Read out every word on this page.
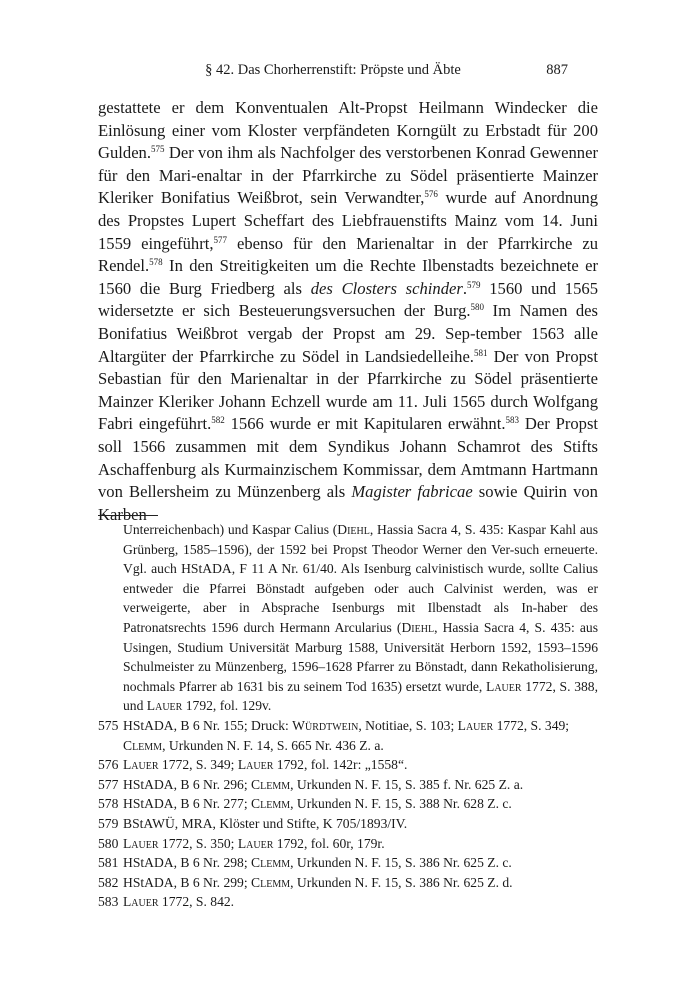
§ 42. Das Chorherrenstift: Pröpste und Äbte	887

gestattete er dem Konventualen Alt-Propst Heilmann Windecker die Einlösung einer vom Kloster verpfändeten Korngült zu Erbstadt für 200 Gulden.$^{575}$ Der von ihm als Nachfolger des verstorbenen Konrad Gewenner für den Mari-enaltar in der Pfarrkirche zu Södel präsentierte Mainzer Kleriker Bonifatius Weißbrot, sein Verwandter,$^{576}$ wurde auf Anordnung des Propstes Lupert Scheffart des Liebfrauenstifts Mainz vom 14. Juni 1559 eingeführt,$^{577}$ ebenso für den Marienaltar in der Pfarrkirche zu Rendel.$^{578}$ In den Streitigkeiten um die Rechte Ilbenstadts bezeichnete er 1560 die Burg Friedberg als des Closters schinder.$^{579}$ 1560 und 1565 widersetzte er sich Besteuerungsversuchen der Burg.$^{580}$ Im Namen des Bonifatius Weißbrot vergab der Propst am 29. Sep-tember 1563 alle Altargüter der Pfarrkirche zu Södel in Landsiedelleihe.$^{581}$ Der von Propst Sebastian für den Marienaltar in der Pfarrkirche zu Södel präsentierte Mainzer Kleriker Johann Echzell wurde am 11. Juli 1565 durch Wolfgang Fabri eingeführt.$^{582}$ 1566 wurde er mit Kapitularen erwähnt.$^{583}$ Der Propst soll 1566 zusammen mit dem Syndikus Johann Schamrot des Stifts Aschaffenburg als Kurmainzischem Kommissar, dem Amtmann Hartmann von Bellersheim zu Münzenberg als Magister fabricae sowie Quirin von Karben

Unterreichenbach) und Kaspar Calius (Diehl, Hassia Sacra 4, S. 435: Kaspar Kahl aus Grünberg, 1585–1596), der 1592 bei Propst Theodor Werner den Ver-such erneuerte. Vgl. auch HStADA, F 11 A Nr. 61/40. Als Isenburg calvinistisch wurde, sollte Calius entweder die Pfarrei Bönstadt aufgeben oder auch Calvinist werden, was er verweigerte, aber in Absprache Isenburgs mit Ilbenstadt als In-haber des Patronatsrechts 1596 durch Hermann Arcularius (Diehl, Hassia Sacra 4, S. 435: aus Usingen, Studium Universität Marburg 1588, Universität Herborn 1592, 1593–1596 Schulmeister zu Münzenberg, 1596–1628 Pfarrer zu Bönstadt, dann Rekatholisierung, nochmals Pfarrer ab 1631 bis zu seinem Tod 1635) ersetzt wurde, Lauer 1772, S. 388, und Lauer 1792, fol. 129v.
575 HStADA, B 6 Nr. 155; Druck: Würdtwein, Notitiae, S. 103; Lauer 1772, S. 349; Clemm, Urkunden N. F. 14, S. 665 Nr. 436 Z. a.
576 Lauer 1772, S. 349; Lauer 1792, fol. 142r: „1558“.
577 HStADA, B 6 Nr. 296; Clemm, Urkunden N. F. 15, S. 385 f. Nr. 625 Z. a.
578 HStADA, B 6 Nr. 277; Clemm, Urkunden N. F. 15, S. 388 Nr. 628 Z. c.
579 BStAWÜ, MRA, Klöster und Stifte, K 705/1893/IV.
580 Lauer 1772, S. 350; Lauer 1792, fol. 60r, 179r.
581 HStADA, B 6 Nr. 298; Clemm, Urkunden N. F. 15, S. 386 Nr. 625 Z. c.
582 HStADA, B 6 Nr. 299; Clemm, Urkunden N. F. 15, S. 386 Nr. 625 Z. d.
583 Lauer 1772, S. 842.
